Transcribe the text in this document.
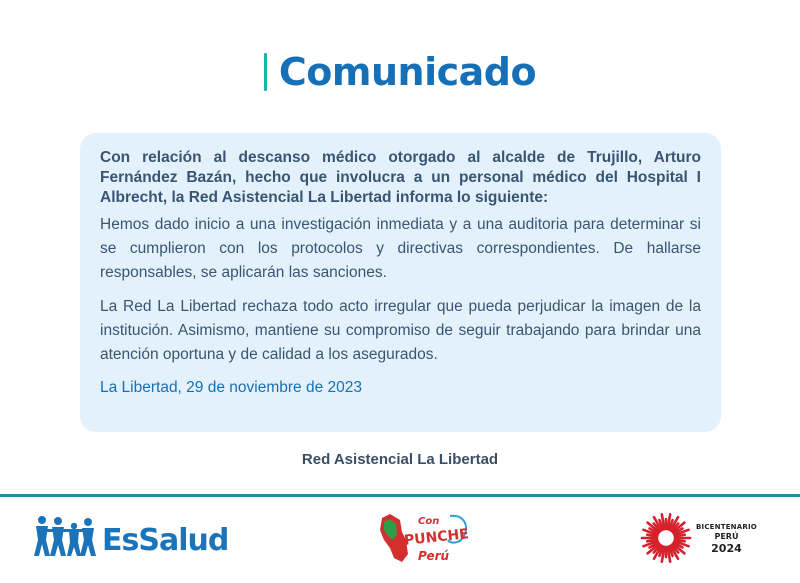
Comunicado

Con relación al descanso médico otorgado al alcalde de Trujillo, Arturo Fernández Bazán, hecho que involucra a un personal médico del Hospital I Albrecht, la Red Asistencial La Libertad informa lo siguiente:

Hemos dado inicio a una investigación inmediata y a una auditoria para determinar si se cumplieron con los protocolos y directivas correspondientes. De hallarse responsables, se aplicarán las sanciones.

La Red La Libertad rechaza todo acto irregular que pueda perjudicar la imagen de la institución. Asimismo, mantiene su compromiso de seguir trabajando para brindar una atención oportuna y de calidad a los asegurados.

La Libertad, 29 de noviembre de 2023

Red Asistencial La Libertad
EsSalud
Con
PUNCHE
Perú
BICENTENARIO
PERÚ
2024
